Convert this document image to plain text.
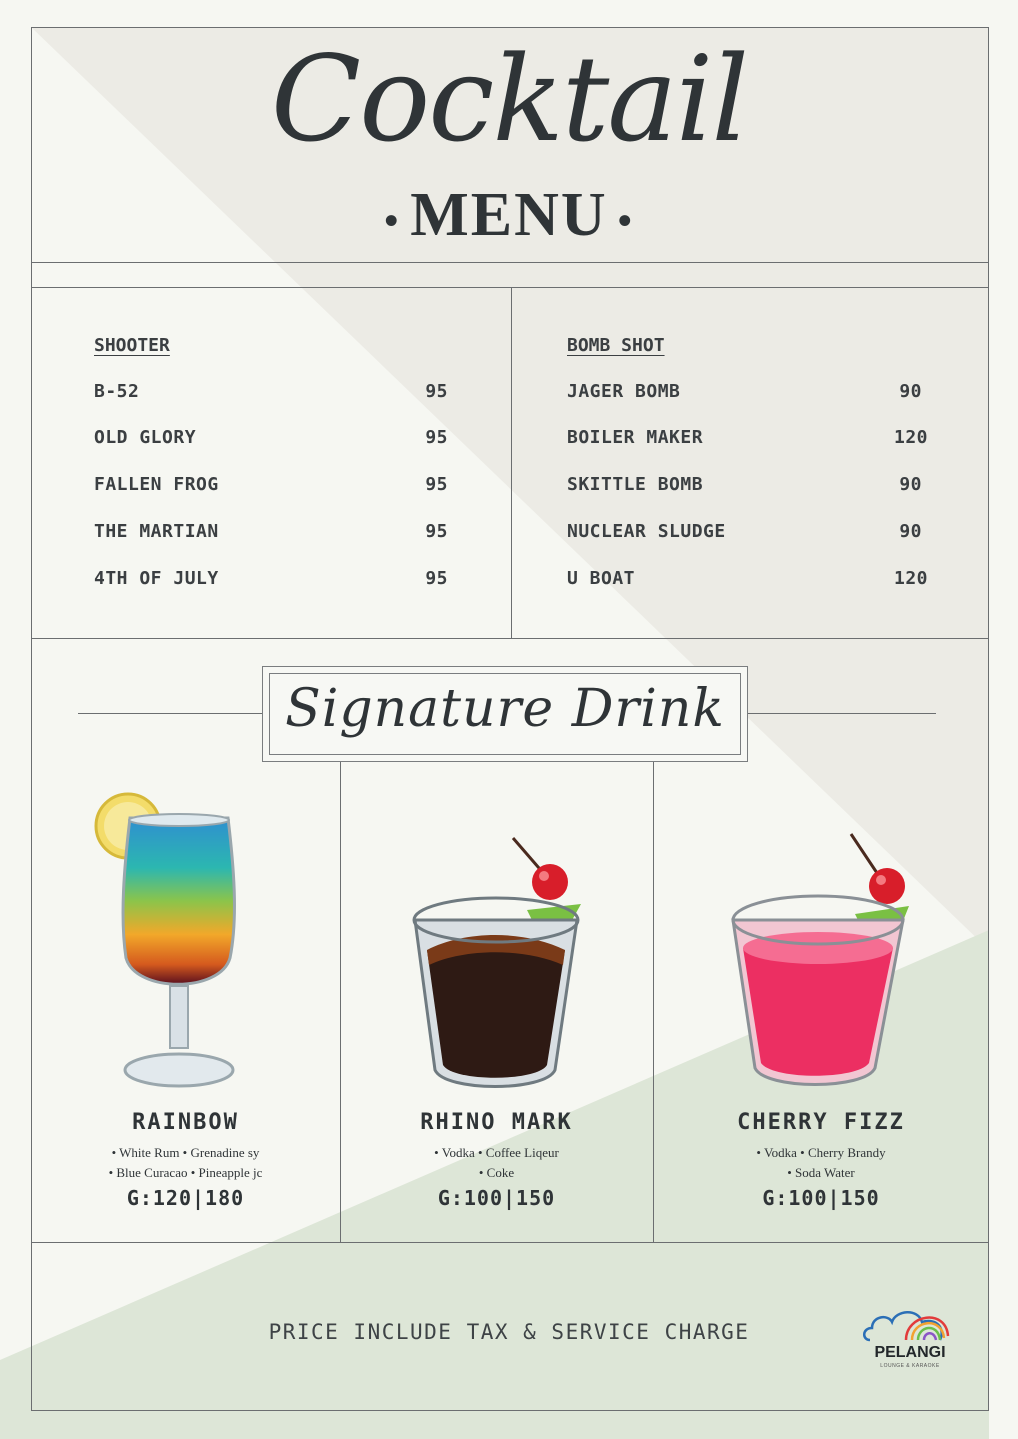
Cocktail
• MENU •
SHOOTER
B-52	95
OLD GLORY	95
FALLEN FROG	95
THE MARTIAN	95
4TH OF JULY	95
BOMB SHOT
JAGER BOMB	90
BOILER MAKER	120
SKITTLE BOMB	90
NUCLEAR SLUDGE	90
U BOAT	120
Signature Drink
RAINBOW
• White Rum • Grenadine sy
• Blue Curacao • Pineapple jc
G:120|180
RHINO MARK
• Vodka • Coffee Liqeur
• Coke
G:100|150
CHERRY FIZZ
• Vodka • Cherry Brandy
• Soda Water
G:100|150
PRICE INCLUDE TAX & SERVICE CHARGE
PELANGI
LOUNGE & KARAOKE
